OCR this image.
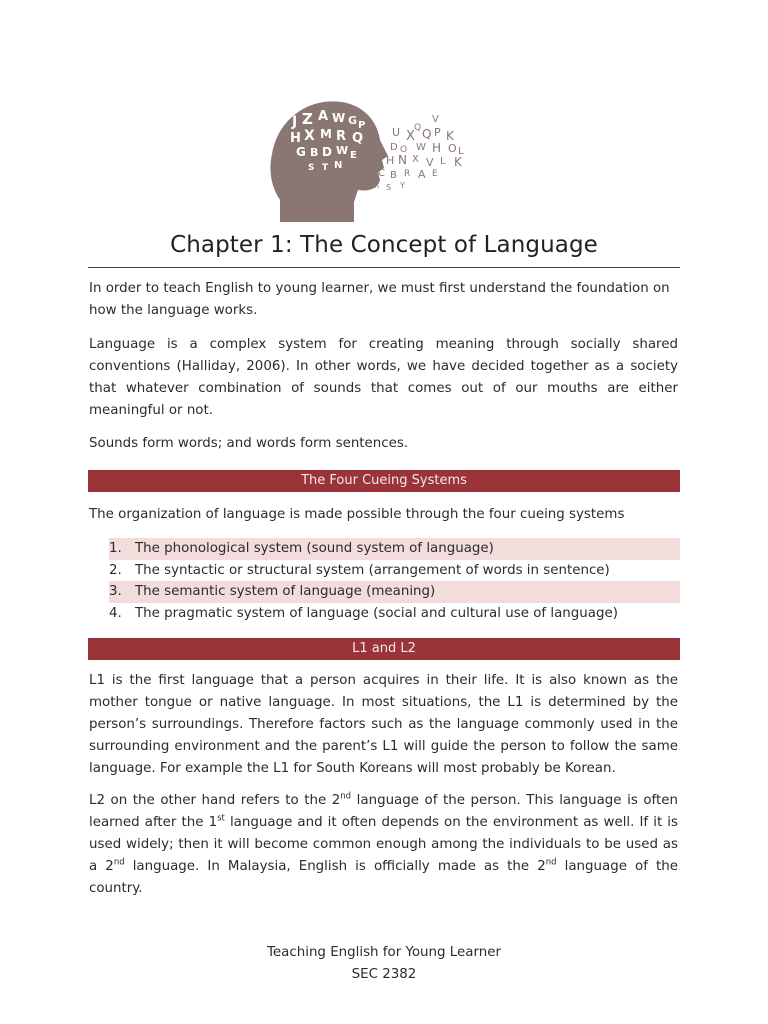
J Z A W G P
H X M R Q
G B D W E
S T N
V
Q
U X Q P K
D O W H O L
H N X V L K
C B R A E
X S Y
T
Chapter 1: The Concept of Language

In order to teach English to young learner, we must first understand the foundation on how the language works.

Language is a complex system for creating meaning through socially shared conventions (Halliday, 2006). In other words, we have decided together as a society that whatever combination of sounds that comes out of our mouths are either meaningful or not.

Sounds form words; and words form sentences.

The Four Cueing Systems

The organization of language is made possible through the four cueing systems

1. The phonological system (sound system of language)
2. The syntactic or structural system (arrangement of words in sentence)
3. The semantic system of language (meaning)
4. The pragmatic system of language (social and cultural use of language)
L1 and L2

L1 is the first language that a person acquires in their life. It is also known as the mother tongue or native language. In most situations, the L1 is determined by the person’s surroundings. Therefore factors such as the language commonly used in the surrounding environment and the parent’s L1 will guide the person to follow the same language. For example the L1 for South Koreans will most probably be Korean.

L2 on the other hand refers to the 2nd language of the person. This language is often learned after the 1st language and it often depends on the environment as well. If it is used widely; then it will become common enough among the individuals to be used as a 2nd language. In Malaysia, English is officially made as the 2nd language of the country.

Teaching English for Young Learner
SEC 2382
